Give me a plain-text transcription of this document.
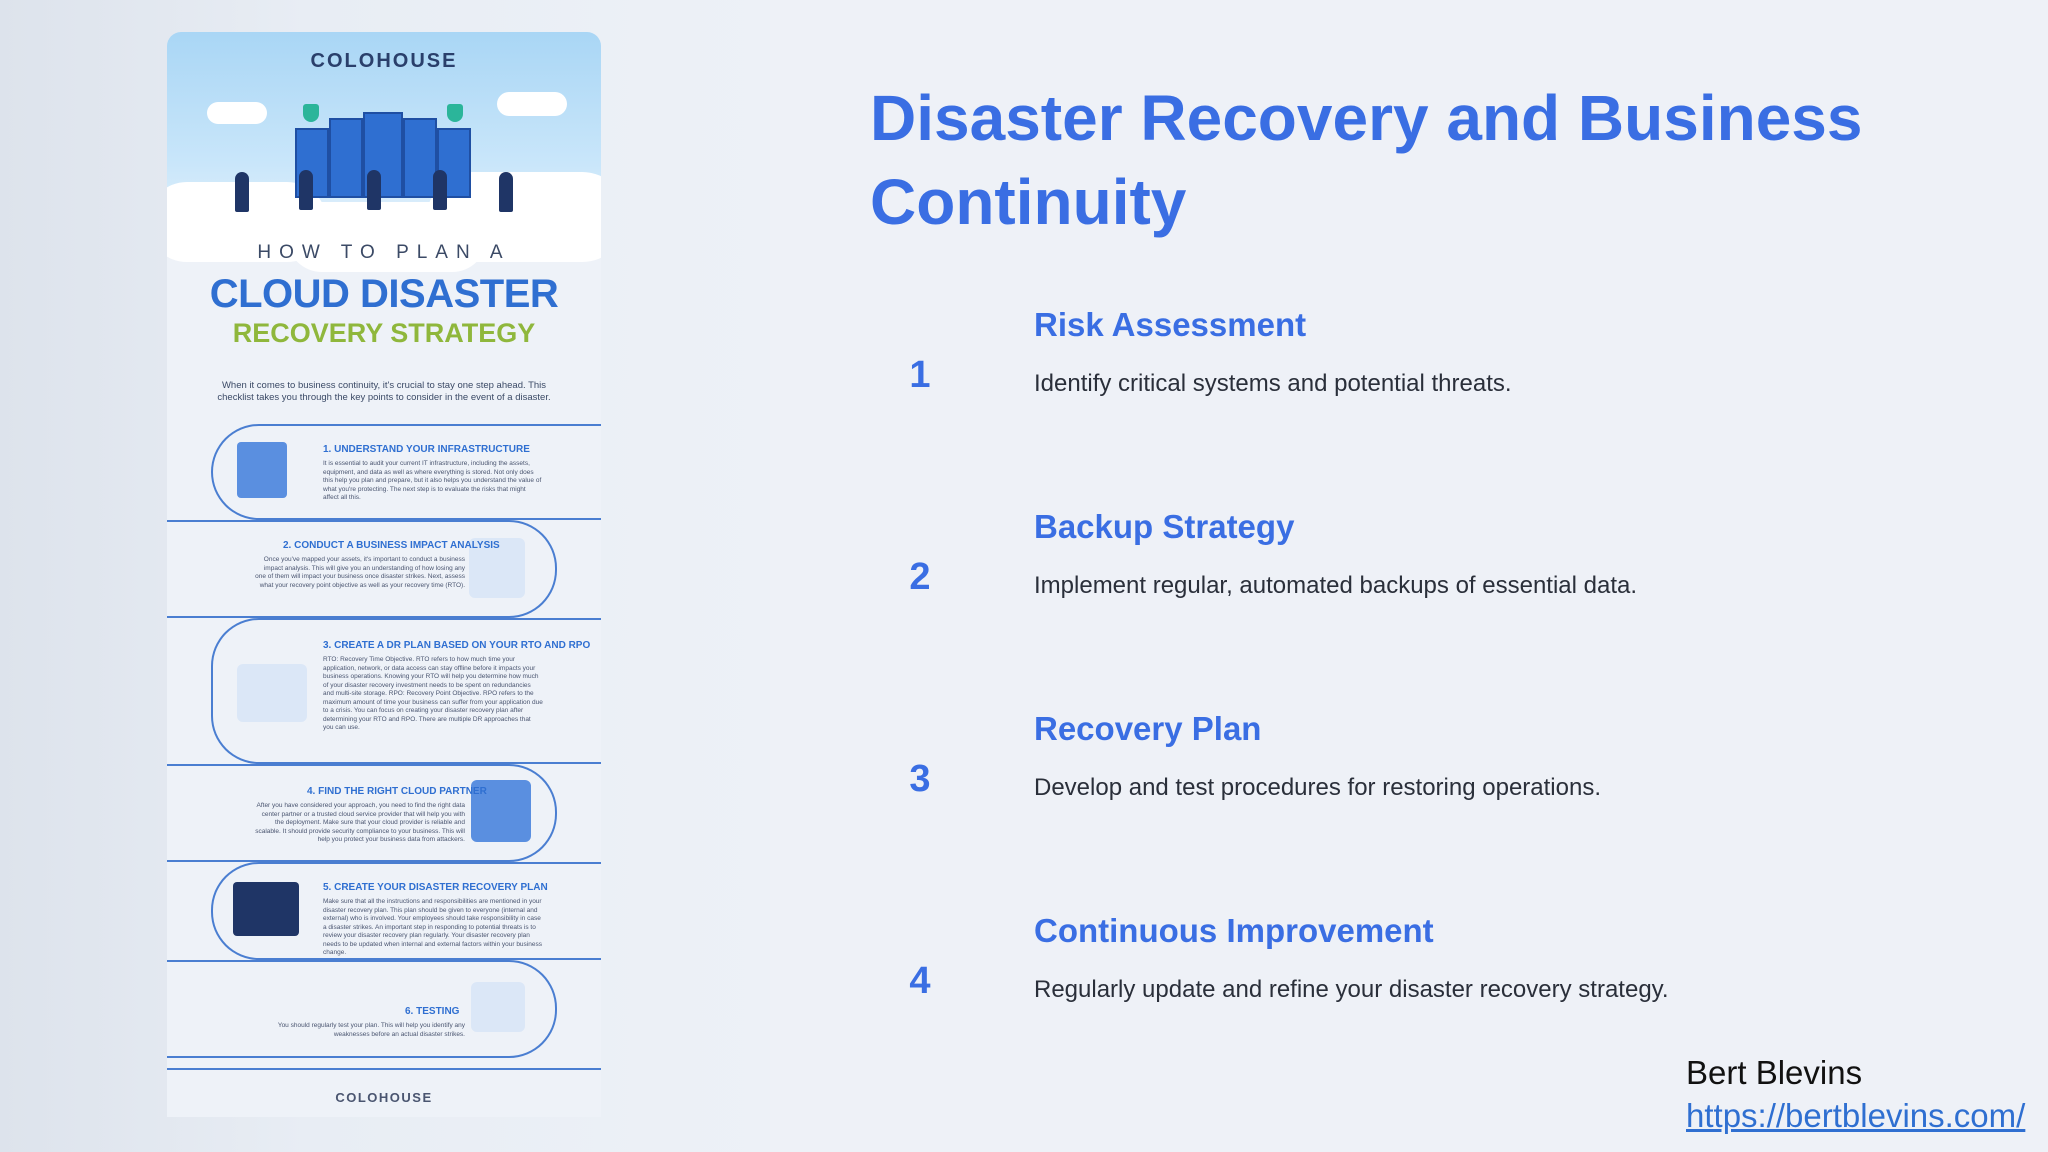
COLOHOUSE
HOW TO PLAN A
CLOUD DISASTER
RECOVERY STRATEGY
When it comes to business continuity, it's crucial to stay one step ahead. This checklist takes you through the key points to consider in the event of a disaster.
1. UNDERSTAND YOUR INFRASTRUCTURE
It is essential to audit your current IT infrastructure, including the assets, equipment, and data as well as where everything is stored. Not only does this help you plan and prepare, but it also helps you understand the value of what you're protecting. The next step is to evaluate the risks that might affect all this.
2. CONDUCT A BUSINESS IMPACT ANALYSIS
Once you've mapped your assets, it's important to conduct a business impact analysis. This will give you an understanding of how losing any one of them will impact your business once disaster strikes. Next, assess what your recovery point objective as well as your recovery time (RTO).
3. CREATE A DR PLAN BASED ON YOUR RTO AND RPO
RTO: Recovery Time Objective. RTO refers to how much time your application, network, or data access can stay offline before it impacts your business operations. Knowing your RTO will help you determine how much of your disaster recovery investment needs to be spent on redundancies and multi-site storage. RPO: Recovery Point Objective. RPO refers to the maximum amount of time your business can suffer from your application due to a crisis. You can focus on creating your disaster recovery plan after determining your RTO and RPO. There are multiple DR approaches that you can use.
4. FIND THE RIGHT CLOUD PARTNER
After you have considered your approach, you need to find the right data center partner or a trusted cloud service provider that will help you with the deployment. Make sure that your cloud provider is reliable and scalable. It should provide security compliance to your business. This will help you protect your business data from attackers.
5. CREATE YOUR DISASTER RECOVERY PLAN
Make sure that all the instructions and responsibilities are mentioned in your disaster recovery plan. This plan should be given to everyone (internal and external) who is involved. Your employees should take responsibility in case a disaster strikes. An important step in responding to potential threats is to review your disaster recovery plan regularly. Your disaster recovery plan needs to be updated when internal and external factors within your business change.
6. TESTING
You should regularly test your plan. This will help you identify any weaknesses before an actual disaster strikes.
COLOHOUSE
Disaster Recovery and Business Continuity
1
Risk Assessment
Identify critical systems and potential threats.
2
Backup Strategy
Implement regular, automated backups of essential data.
3
Recovery Plan
Develop and test procedures for restoring operations.
4
Continuous Improvement
Regularly update and refine your disaster recovery strategy.
Bert Blevins
https://bertblevins.com/
